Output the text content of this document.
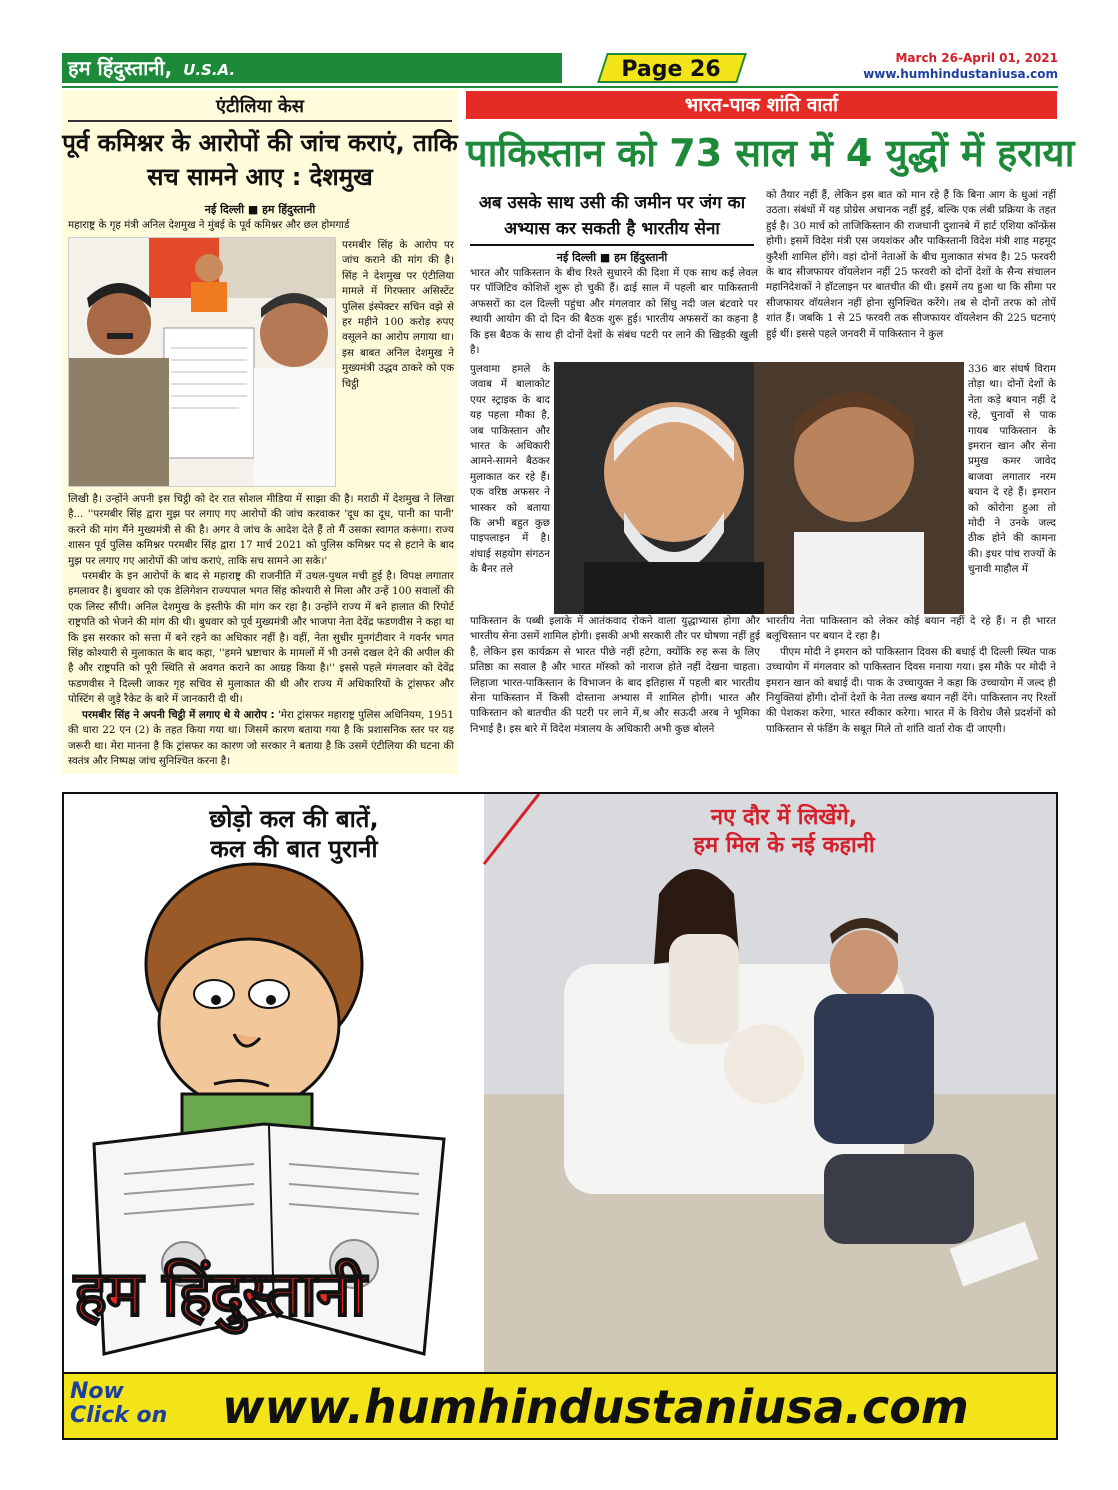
हम हिंदुस्तानी, U.S.A.	Page 26	March 26-April 01, 2021
www.humhindustaniusa.com
एंटीलिया केस
पूर्व कमिश्नर के आरोपों की जांच कराएं, ताकि सच सामने आए : देशमुख
नई दिल्ली ■ हम हिंदुस्तानी
महाराष्ट्र के गृह मंत्री अनिल देशमुख ने मुंबई के पूर्व कमिश्नर और छल होमगार्ड
परमबीर सिंह के आरोप पर जांच कराने की मांग की है। सिंह ने देशमुख पर एंटीलिया मामले में गिरफ्तार असिस्टेंट पुलिस इंस्पेक्टर सचिन वझे से हर महीने 100 करोड़ रुपए वसूलने का आरोप लगाया था। इस बाबत अनिल देशमुख ने मुख्यमंत्री उद्धव ठाकरे को एक चिट्ठी

लिखी है। उन्होंने अपनी इस चिट्ठी को देर रात सोशल मीडिया में साझा की है। मराठी में देशमुख ने लिखा है... ''परमबीर सिंह द्वारा मुझ पर लगाए गए आरोपों की जांच करवाकर 'दूध का दूध, पानी का पानी' करने की मांग मैंने मुख्यमंत्री से की है। अगर वे जांच के आदेश देते हैं तो मैं उसका स्वागत करूंगा। राज्य शासन पूर्व पुलिस कमिश्नर परमबीर सिंह द्वारा 17 मार्च 2021 को पुलिस कमिश्नर पद से हटाने के बाद मुझ पर लगाए गए आरोपों की जांच कराएं, ताकि सच सामने आ सके।'

परमबीर के इन आरोपों के बाद से महाराष्ट्र की राजनीति में उथल-पुथल मची हुई है। विपक्ष लगातार हमलावर है। बुधवार को एक डेलिगेशन राज्यपाल भगत सिंह कोश्यारी से मिला और उन्हें 100 सवालों की एक लिस्ट सौंपी। अनिल देशमुख के इस्तीफे की मांग कर रहा है। उन्होंने राज्य में बने हालात की रिपोर्ट राष्ट्रपति को भेजने की मांग की थी। बुधवार को पूर्व मुख्यमंत्री और भाजपा नेता देवेंद्र फडणवीस ने कहा था कि इस सरकार को सत्ता में बने रहने का अधिकार नहीं है। वहीं, नेता सुधीर मुनगंटीवार ने गवर्नर भगत सिंह कोश्यारी से मुलाकात के बाद कहा, ''हमने भ्रष्टाचार के मामलों में भी उनसे दखल देने की अपील की है और राष्ट्रपति को पूरी स्थिति से अवगत कराने का आग्रह किया है।'' इससे पहले मंगलवार को देवेंद्र फडणवीस ने दिल्ली जाकर गृह सचिव से मुलाकात की थी और राज्य में अधिकारियों के ट्रांसफर और पोस्टिंग से जुड़े रैकेट के बारे में जानकारी दी थी।

परमबीर सिंह ने अपनी चिट्ठी में लगाए थे ये आरोप : 'मेरा ट्रांसफर महाराष्ट्र पुलिस अधिनियम, 1951 की धारा 22 एन (2) के तहत किया गया था। जिसमें कारण बताया गया है कि प्रशासनिक स्तर पर यह जरूरी था। मेरा मानना है कि ट्रांसफर का कारण जो सरकार ने बताया है कि उसमें एंटीलिया की घटना की स्वतंत्र और निष्पक्ष जांच सुनिश्चित करना है।

भारत-पाक शांति वार्ता
पाकिस्तान को 73 साल में 4 युद्धों में हराया
अब उसके साथ उसी की जमीन पर जंग का अभ्यास कर सकती है भारतीय सेना
नई दिल्ली ■ हम हिंदुस्तानी
भारत और पाकिस्तान के बीच रिश्ते सुधारने की दिशा में एक साथ कई लेवल पर पॉजिटिव कोशिशें शुरू हो चुकी हैं। ढाई साल में पहली बार पाकिस्तानी अफसरों का दल दिल्ली पहुंचा और मंगलवार को सिंधु नदी जल बंटवारे पर स्थायी आयोग की दो दिन की बैठक शुरू हुई। भारतीय अफसरों का कहना है कि इस बैठक के साथ ही दोनों देशों के संबंध पटरी पर लाने की खिड़की खुली है।
को तैयार नहीं हैं, लेकिन इस बात को मान रहे हैं कि बिना आग के धुआं नहीं उठता। संबंधों में यह प्रोग्रेस अचानक नहीं हुई, बल्कि एक लंबी प्रक्रिया के तहत हुई है। 30 मार्च को ताजिकिस्तान की राजधानी दुशानबे में हार्ट एशिया कॉन्फ्रेंस होगी। इसमें विदेश मंत्री एस जयशंकर और पाकिस्तानी विदेश मंत्री शाह महमूद कुरैशी शामिल होंगे। वहां दोनों नेताओं के बीच मुलाकात संभव है। 25 फरवरी के बाद सीजफायर वॉयलेशन नहीं 25 फरवरी को दोनों देशों के सैन्य संचालन महानिदेशकों ने हॉटलाइन पर बातचीत की थी। इसमें तय हुआ था कि सीमा पर सीजफायर वॉयलेशन नहीं होना सुनिश्चित करेंगे। तब से दोनों तरफ को तोपें शांत हैं। जबकि 1 से 25 फरवरी तक सीजफायर वॉयलेशन की 225 घटनाएं हुई थीं। इससे पहले जनवरी में पाकिस्तान ने कुल
पुलवामा हमले के जवाब में बालाकोट एयर स्ट्राइक के बाद यह पहला मौका है, जब पाकिस्तान और भारत के अधिकारी आमने-सामने बैठकर मुलाकात कर रहे हैं। एक वरिष्ठ अफसर ने भास्कर को बताया कि अभी बहुत कुछ पाइपलाइन में है। शंघाई सहयोग संगठन के बैनर तले
336 बार संघर्ष विराम तोड़ा था। दोनों देशों के नेता कड़े बयान नहीं दे रहे, चुनावों से पाक गायब पाकिस्तान के इमरान खान और सेना प्रमुख कमर जावेद बाजवा लगातार नरम बयान दे रहे हैं। इमरान को कोरोना हुआ तो मोदी ने उनके जल्द ठीक होने की कामना की। इधर पांच राज्यों के चुनावी माहौल में
पाकिस्तान के पब्बी इलाके में आतंकवाद रोकने वाला युद्धाभ्यास होगा और भारतीय सेना उसमें शामिल होगी। इसकी अभी सरकारी तौर पर घोषणा नहीं हुई है, लेकिन इस कार्यक्रम से भारत पीछे नहीं हटेगा, क्योंकि रुह रूस के लिए प्रतिष्ठा का सवाल है और भारत मॉस्को को नाराज होते नहीं देखना चाहता। लिहाजा भारत-पाकिस्तान के विभाजन के बाद इतिहास में पहली बार भारतीय सेना पाकिस्तान में किसी दोस्ताना अभ्यास में शामिल होगी। भारत और पाकिस्तान को बातचीत की पटरी पर लाने में,श्र और सऊदी अरब ने भूमिका निभाई है। इस बारे में विदेश मंत्रालय के अधिकारी अभी कुछ बोलने
भारतीय नेता पाकिस्तान को लेकर कोई बयान नहीं दे रहे हैं। न ही भारत बलूचिस्तान पर बयान दे रहा है।
पीएम मोदी ने इमरान को पाकिस्तान दिवस की बधाई दी दिल्ली स्थित पाक उच्चायोग में मंगलवार को पाकिस्तान दिवस मनाया गया। इस मौके पर मोदी ने इमरान खान को बधाई दी। पाक के उच्चायुक्त ने कहा कि उच्चायोग में जल्द ही नियुक्तियां होंगी। दोनों देशों के नेता तल्ख बयान नहीं देंगे। पाकिस्तान नए रिश्तों की पेशकश करेगा, भारत स्वीकार करेगा। भारत में के विरोध जैसे प्रदर्शनों को पाकिस्तान से फंडिंग के सबूत मिले तो शांति वार्ता रोक दी जाएगी।
छोड़ो कल की बातें,
कल की बात पुरानी
नए दौर में लिखेंगे,
हम मिल के नई कहानी
हम हिंदुस्तानी
Now
Click on www.humhindustaniusa.com
